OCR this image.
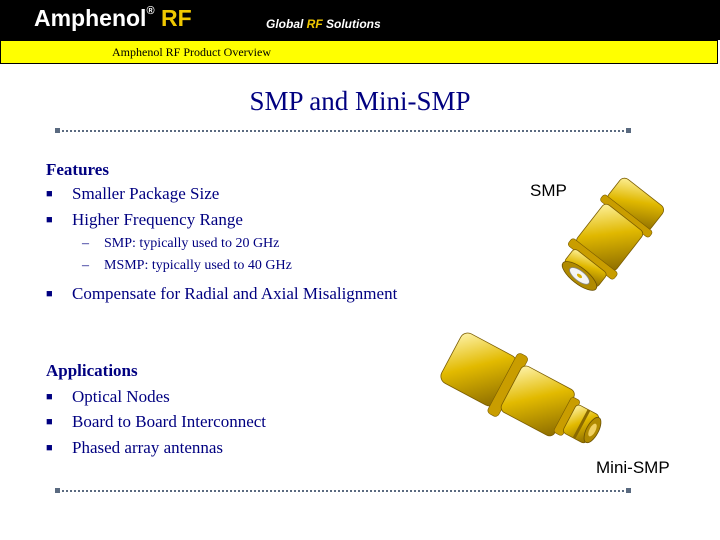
Amphenol® RF	Global RF Solutions
Amphenol RF Product Overview
SMP and Mini-SMP
Features
■ Smaller Package Size
■ Higher Frequency Range
– SMP: typically used to 20 GHz
– MSMP: typically used to 40 GHz
■ Compensate for Radial and Axial Misalignment
Applications
■ Optical Nodes
■ Board to Board Interconnect
■ Phased array antennas
SMP
Mini-SMP
